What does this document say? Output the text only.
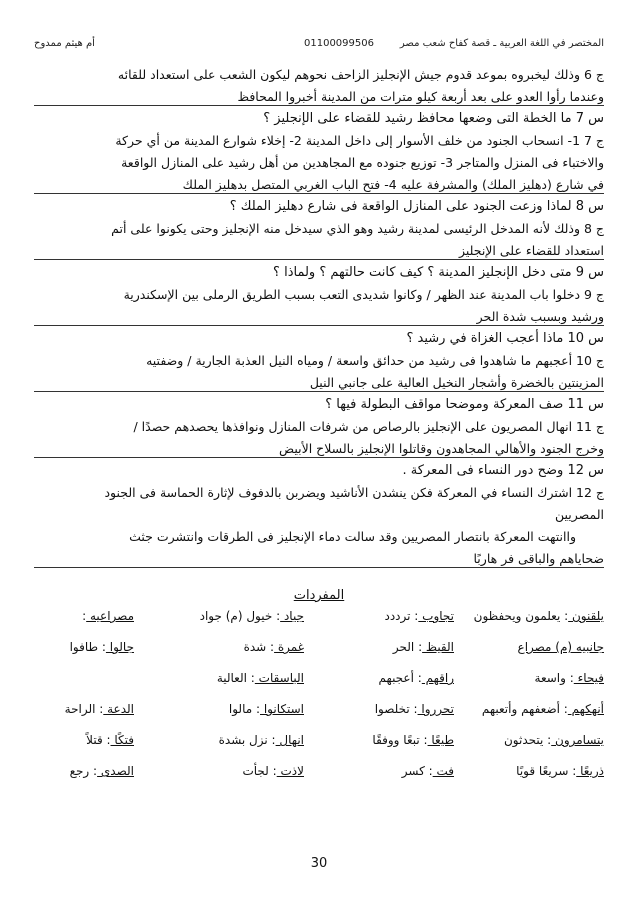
المختصر في اللغة العربية ـ قصة كفاح شعب مصر
01100099506
أم هيثم ممدوح
ج 6 وذلك ليخبروه بموعد قدوم جيش الإنجليز الزاحف نحوهم ليكون الشعب على استعداد للقائه
وعندما رأوا العدو على بعد أربعة كيلو مترات من المدينة أخبروا المحافظ
س 7 ما الخطة التى وضعها محافظ رشيد للقضاء على الإنجليز ؟
ج 7 1- انسحاب الجنود من خلف الأسوار إلى داخل المدينة 2- إخلاء شوارع المدينة من أي حركة
والاختباء فى المنزل والمتاجر 3- توزيع جنوده مع المجاهدين من أهل رشيد على المنازل الواقعة
في شارع (دهليز الملك) والمشرفة عليه 4- فتح الباب الغربي المتصل بدهليز الملك
س 8 لماذا وزعت الجنود على المنازل الواقعة فى شارع دهليز الملك ؟
ج 8 وذلك لأنه المدخل الرئيسى لمدينة رشيد وهو الذي سيدخل منه الإنجليز وحتى يكونوا على أتم
استعداد للقضاء على الإنجليز
س 9 متى دخل الإنجليز المدينة ؟ كيف كانت حالتهم ؟ ولماذا ؟
ج 9 دخلوا باب المدينة عند الظهر / وكانوا شديدى التعب بسبب الطريق الرملى بين الإسكندرية
ورشيد وبسبب شدة الحر
س 10 ماذا أعجب الغزاة في رشيد ؟
ج 10 أعجبهم ما شاهدوا فى رشيد من حدائق واسعة / ومياه النيل العذبة الجارية / وضفتيه
المزينتين بالخضرة وأشجار النخيل العالية على جانبي النيل
س 11 صف المعركة وموضحا مواقف البطولة فيها ؟
ج 11 انهال المصريون على الإنجليز بالرصاص من شرفات المنازل ونوافذها يحصدهم حصدًا /
وخرج الجنود والأهالي المجاهدون وقاتلوا الإنجليز بالسلاح الأبيض
س 12 وضح دور النساء فى المعركة .
ج 12 اشترك النساء في المعركة فكن ينشدن الأناشيد ويضربن بالدفوف لإثارة الحماسة فى الجنود
المصريين
واانتهت المعركة بانتصار المصريين وقد سالت دماء الإنجليز فى الطرقات وانتشرت جثث
ضحاياهم والباقى فر هاربًا
المفردات
يلقنون : يعلمون ويحفظون
تجاوب : ترددد
جياد : خيول (م) جواد
مصراعيه :
جانبيه (م) مصراع
القيظ : الحر
غمرة : شدة
جالوا : طافوا
فيحاء : واسعة
راقهم : أعجبهم
الباسقات : العالية
أنهكهم : أضعفهم وأتعبهم
تحرروا : تخلصوا
استكانوا : مالوا
الدعة : الراحة
يتسامرون : يتحدثون
طيعًا : تبعًا ووفقًا
انهال : نزل بشدة
فتكًا : قتلاً
ذريعًا : سريعًا قويًا
فت : كسر
لاذت : لجأت
الصدى : رجع
30
